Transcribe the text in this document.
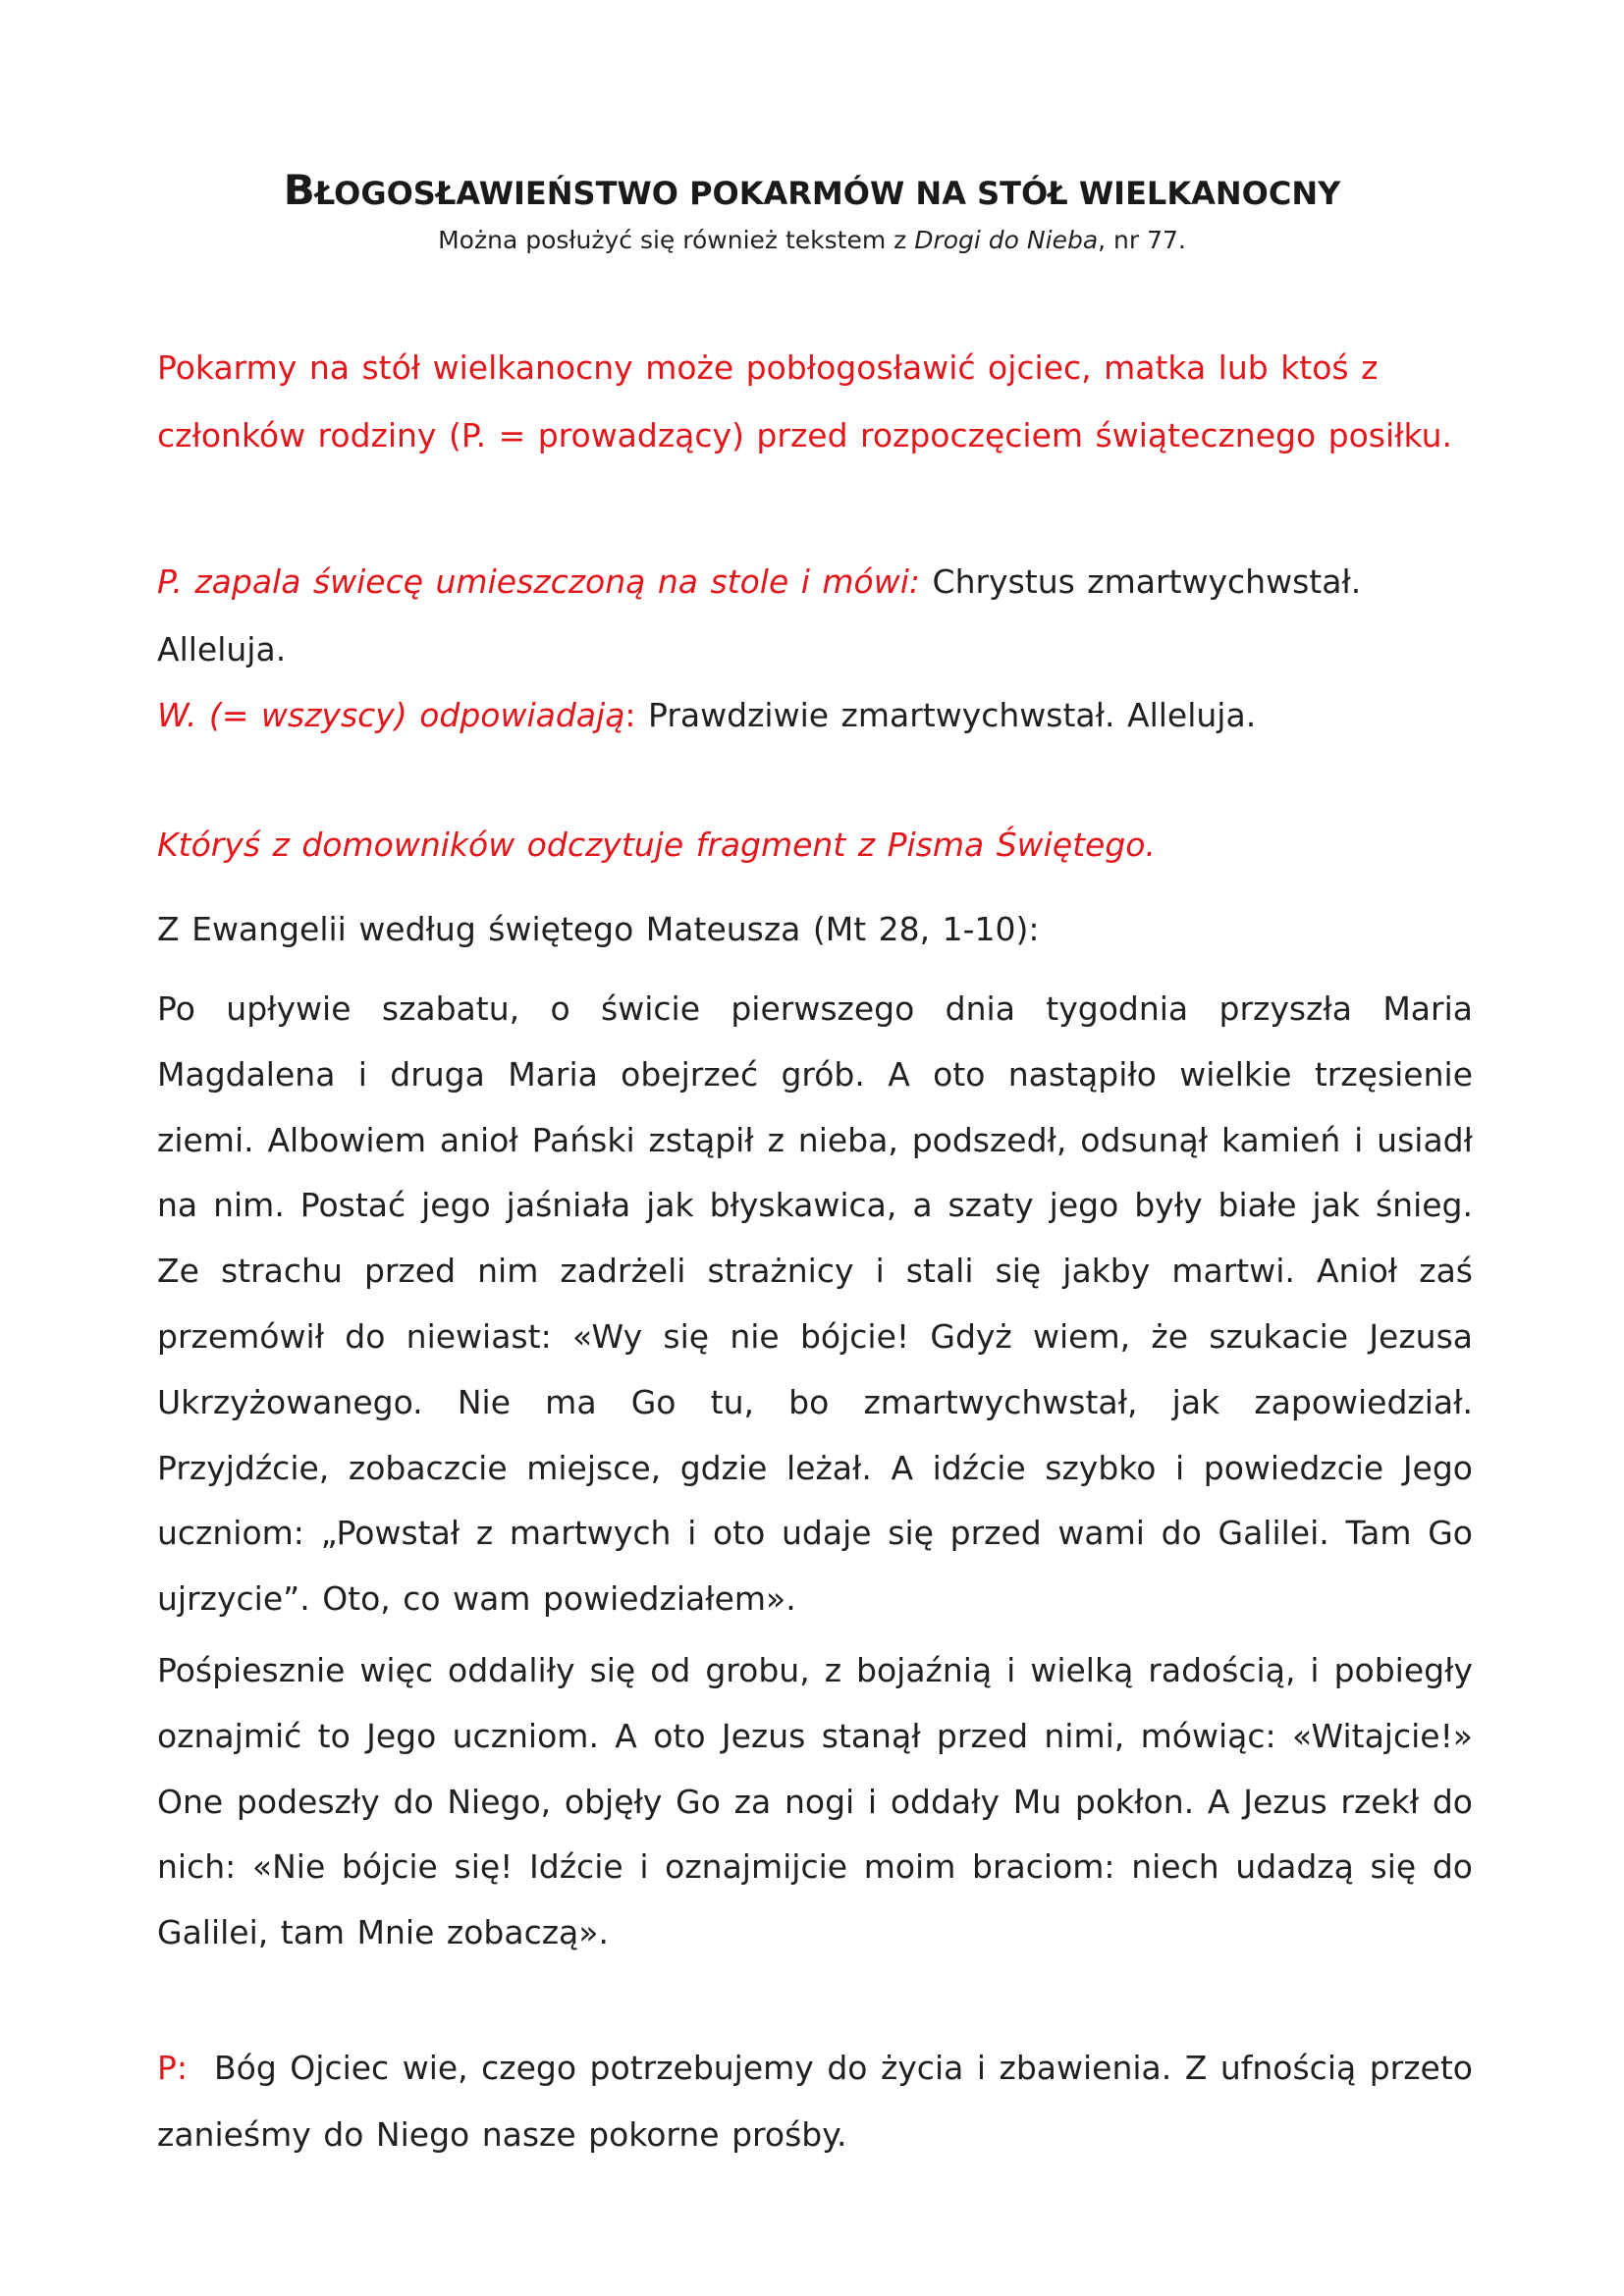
BŁOGOSŁAWIEŃSTWO POKARMÓW NA STÓŁ WIELKANOCNY
Można posłużyć się również tekstem z Drogi do Nieba, nr 77.

Pokarmy na stół wielkanocny może pobłogosławić ojciec, matka lub ktoś z członków rodziny (P. = prowadzący) przed rozpoczęciem świątecznego posiłku.

P. zapala świecę umieszczoną na stole i mówi: Chrystus zmartwychwstał. Alleluja.

W. (= wszyscy) odpowiadają: Prawdziwie zmartwychwstał. Alleluja.

Któryś z domowników odczytuje fragment z Pisma Świętego.

Z Ewangelii według świętego Mateusza (Mt 28, 1-10):

Po upływie szabatu, o świcie pierwszego dnia tygodnia przyszła Maria Magdalena i druga Maria obejrzeć grób. A oto nastąpiło wielkie trzęsienie ziemi. Albowiem anioł Pański zstąpił z nieba, podszedł, odsunął kamień i usiadł na nim. Postać jego jaśniała jak błyskawica, a szaty jego były białe jak śnieg. Ze strachu przed nim zadrżeli strażnicy i stali się jakby martwi. Anioł zaś przemówił do niewiast: «Wy się nie bójcie! Gdyż wiem, że szukacie Jezusa Ukrzyżowanego. Nie ma Go tu, bo zmartwychwstał, jak zapowiedział. Przyjdźcie, zobaczcie miejsce, gdzie leżał. A idźcie szybko i powiedzcie Jego uczniom: „Powstał z martwych i oto udaje się przed wami do Galilei. Tam Go ujrzycie”. Oto, co wam powiedziałem».

Pośpiesznie więc oddaliły się od grobu, z bojaźnią i wielką radością, i pobiegły oznajmić to Jego uczniom. A oto Jezus stanął przed nimi, mówiąc: «Witajcie!» One podeszły do Niego, objęły Go za nogi i oddały Mu pokłon. A Jezus rzekł do nich: «Nie bójcie się! Idźcie i oznajmijcie moim braciom: niech udadzą się do Galilei, tam Mnie zobaczą».

P: Bóg Ojciec wie, czego potrzebujemy do życia i zbawienia. Z ufnością przeto zanieśmy do Niego nasze pokorne prośby.
